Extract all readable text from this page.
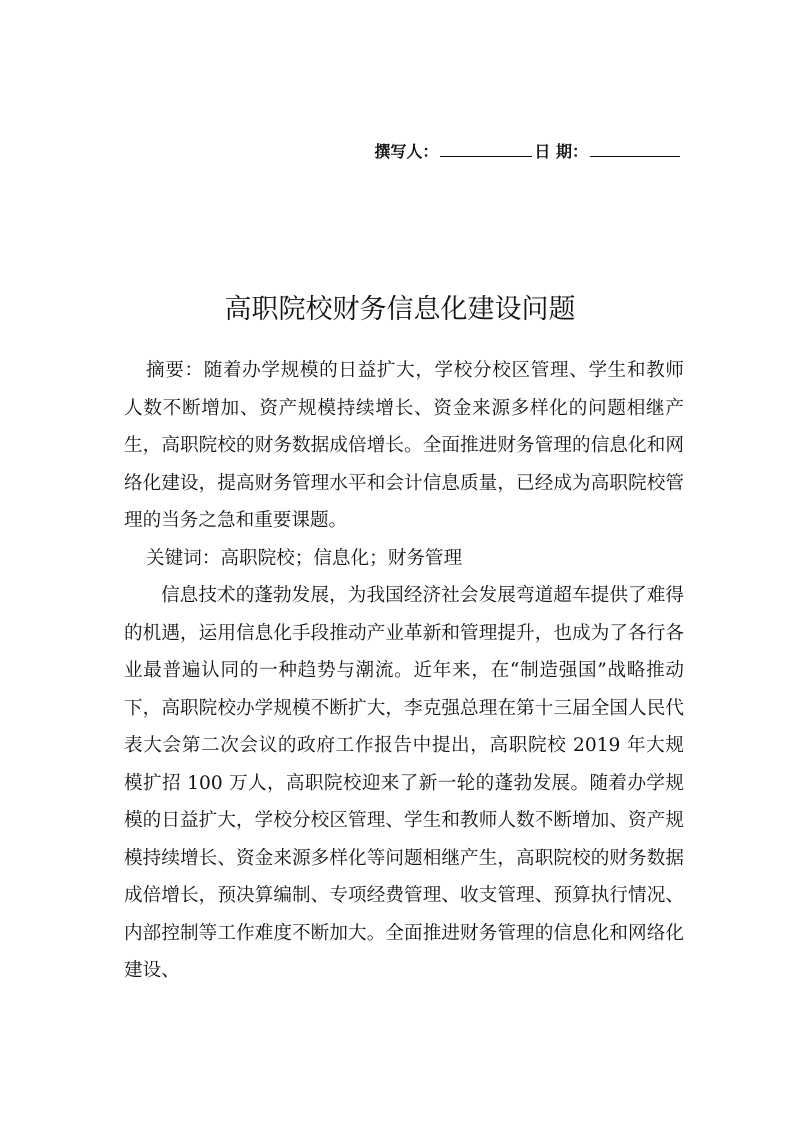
撰写人：	日 期：
高职院校财务信息化建设问题

摘要：随着办学规模的日益扩大，学校分校区管理、学生和教师人数不断增加、资产规模持续增长、资金来源多样化的问题相继产生，高职院校的财务数据成倍增长。全面推进财务管理的信息化和网络化建设，提高财务管理水平和会计信息质量，已经成为高职院校管理的当务之急和重要课题。

关键词：高职院校；信息化；财务管理

信息技术的蓬勃发展，为我国经济社会发展弯道超车提供了难得的机遇，运用信息化手段推动产业革新和管理提升，也成为了各行各业最普遍认同的一种趋势与潮流。近年来，在“制造强国”战略推动下，高职院校办学规模不断扩大，李克强总理在第十三届全国人民代表大会第二次会议的政府工作报告中提出，高职院校 2019 年大规模扩招 100 万人，高职院校迎来了新一轮的蓬勃发展。随着办学规模的日益扩大，学校分校区管理、学生和教师人数不断增加、资产规模持续增长、资金来源多样化等问题相继产生，高职院校的财务数据成倍增长，预决算编制、专项经费管理、收支管理、预算执行情况、内部控制等工作难度不断加大。全面推进财务管理的信息化和网络化建设、
